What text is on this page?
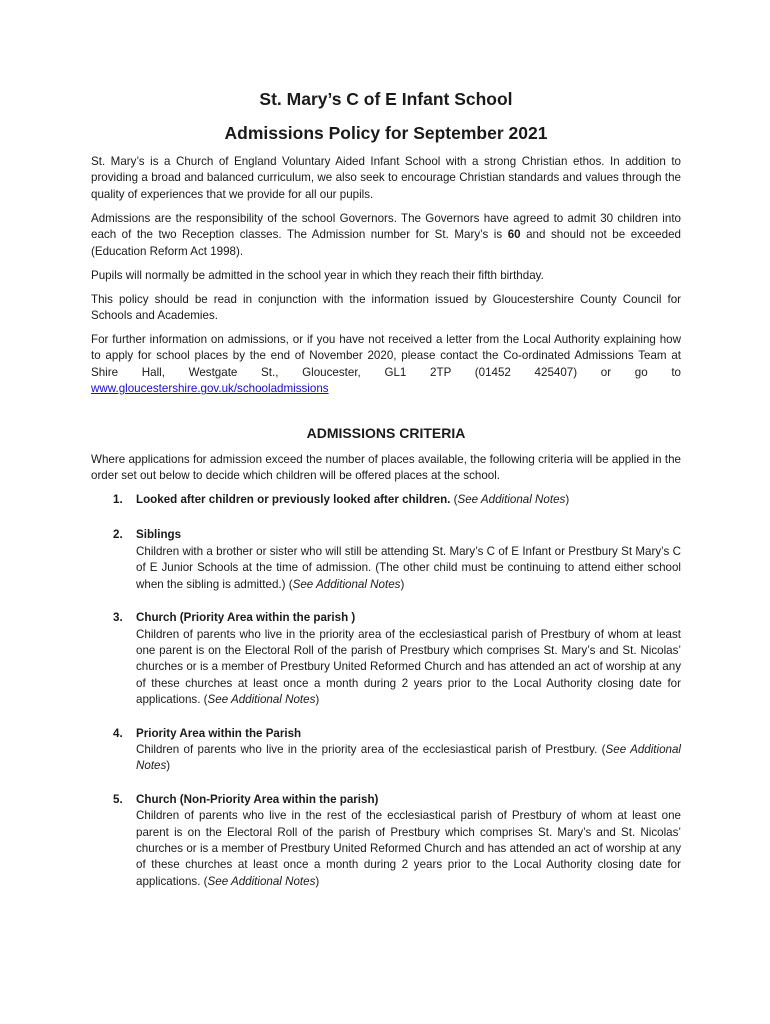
St. Mary’s C of E Infant School
Admissions Policy for September 2021

St. Mary’s is a Church of England Voluntary Aided Infant School with a strong Christian ethos. In addition to providing a broad and balanced curriculum, we also seek to encourage Christian standards and values through the quality of experiences that we provide for all our pupils.

Admissions are the responsibility of the school Governors. The Governors have agreed to admit 30 children into each of the two Reception classes. The Admission number for St. Mary’s is 60 and should not be exceeded (Education Reform Act 1998).

Pupils will normally be admitted in the school year in which they reach their fifth birthday.

This policy should be read in conjunction with the information issued by Gloucestershire County Council for Schools and Academies.

For further information on admissions, or if you have not received a letter from the Local Authority explaining how to apply for school places by the end of November 2020, please contact the Co-ordinated Admissions Team at Shire Hall, Westgate St., Gloucester, GL1 2TP (01452 425407) or go to www.gloucestershire.gov.uk/schooladmissions

ADMISSIONS CRITERIA

Where applications for admission exceed the number of places available, the following criteria will be applied in the order set out below to decide which children will be offered places at the school.

1. Looked after children or previously looked after children. (See Additional Notes)
2. Siblings
Children with a brother or sister who will still be attending St. Mary’s C of E Infant or Prestbury St Mary’s C of E Junior Schools at the time of admission. (The other child must be continuing to attend either school when the sibling is admitted.) (See Additional Notes)
3. Church (Priority Area within the parish )
Children of parents who live in the priority area of the ecclesiastical parish of Prestbury of whom at least one parent is on the Electoral Roll of the parish of Prestbury which comprises St. Mary’s and St. Nicolas’ churches or is a member of Prestbury United Reformed Church and has attended an act of worship at any of these churches at least once a month during 2 years prior to the Local Authority closing date for applications. (See Additional Notes)
4. Priority Area within the Parish
Children of parents who live in the priority area of the ecclesiastical parish of Prestbury. (See Additional Notes)
5. Church (Non-Priority Area within the parish)
Children of parents who live in the rest of the ecclesiastical parish of Prestbury of whom at least one parent is on the Electoral Roll of the parish of Prestbury which comprises St. Mary’s and St. Nicolas’ churches or is a member of Prestbury United Reformed Church and has attended an act of worship at any of these churches at least once a month during 2 years prior to the Local Authority closing date for applications. (See Additional Notes)
